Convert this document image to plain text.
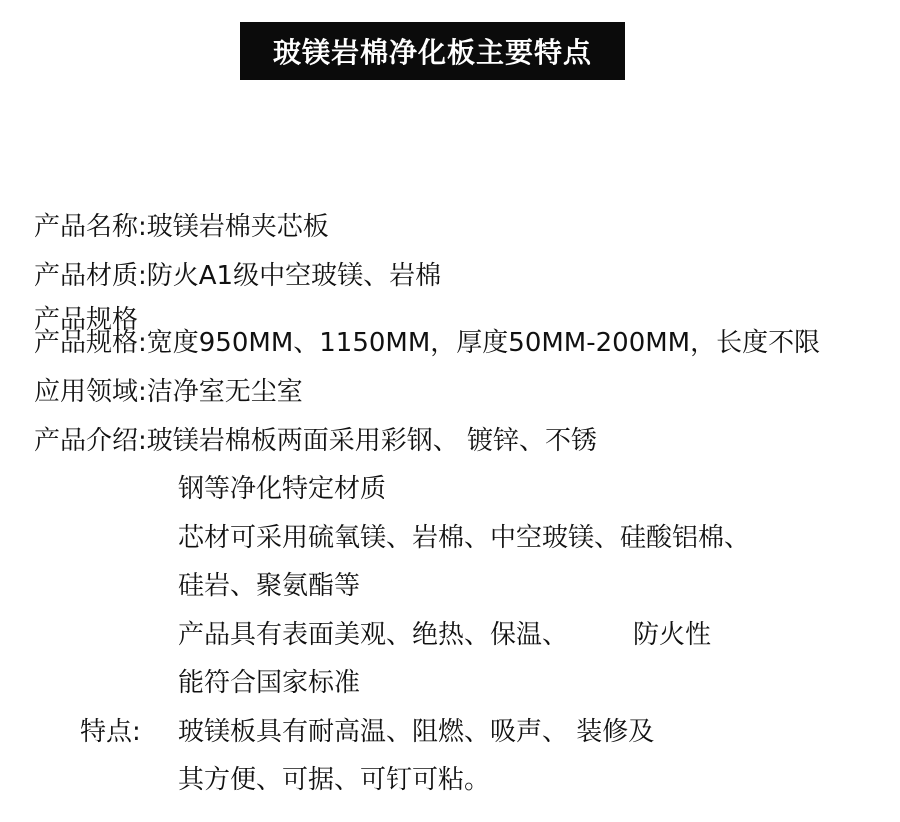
玻镁岩棉净化板主要特点
产品名称:玻镁岩棉夹芯板
产品材质:防火A1级中空玻镁、岩棉
产品规格
产品规格:宽度950MM、1150MM，厚度50MM-200MM，长度不限
应用领域:洁净室无尘室
产品介绍:玻镁岩棉板两面采用彩钢、 镀锌、不锈
钢等净化特定材质
芯材可采用硫氧镁、岩棉、中空玻镁、硅酸铝棉、
硅岩、聚氨酯等
产品具有表面美观、绝热、保温、　　　防火性
能符合国家标准
特点: 玻镁板具有耐高温、阻燃、吸声、 装修及
其方便、可据、可钉可粘。
